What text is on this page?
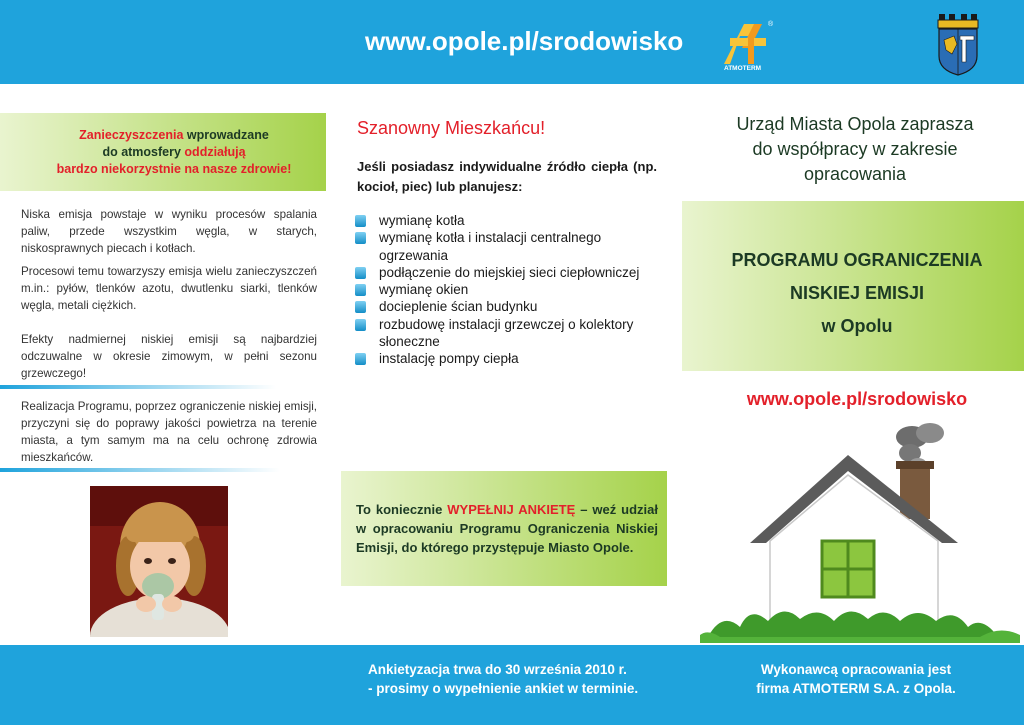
www.opole.pl/srodowisko
ATMOTERM
®
Zanieczyszczenia wprowadzane
do atmosfery oddziałują
bardzo niekorzystnie na nasze zdrowie!
Niska emisja powstaje w wyniku procesów spalania paliw, przede wszystkim węgla, w starych, niskosprawnych piecach i kotłach.
Procesowi temu towarzyszy emisja wielu zanieczyszczeń m.in.: pyłów, tlenków azotu, dwutlenku siarki, tlenków węgla, metali ciężkich.
Efekty nadmiernej niskiej emisji są najbardziej odczuwalne w okresie zimowym, w pełni sezonu grzewczego!
Realizacja Programu, poprzez ograniczenie niskiej emisji, przyczyni się do poprawy jakości powietrza na terenie miasta, a tym samym ma na celu ochronę zdrowia mieszkańców.
Szanowny Mieszkańcu!
Jeśli posiadasz indywidualne źródło ciepła (np. kocioł, piec) lub planujesz:
wymianę kotła
wymianę kotła i instalacji centralnego ogrzewania
podłączenie do miejskiej sieci ciepłowniczej
wymianę okien
docieplenie ścian budynku
rozbudowę instalacji grzewczej o kolektory słoneczne
instalację pompy ciepła
To koniecznie WYPEŁNIJ ANKIETĘ – weź udział w opracowaniu Programu Ograniczenia Niskiej Emisji, do którego przystępuje Miasto Opole.
Urząd Miasta Opola zaprasza
do współpracy w zakresie
opracowania
PROGRAMU OGRANICZENIA
NISKIEJ EMISJI
w Opolu
www.opole.pl/srodowisko
Ankietyzacja trwa do 30 września 2010 r.
- prosimy o wypełnienie ankiet w terminie.
Wykonawcą opracowania jest
firma ATMOTERM S.A. z Opola.
